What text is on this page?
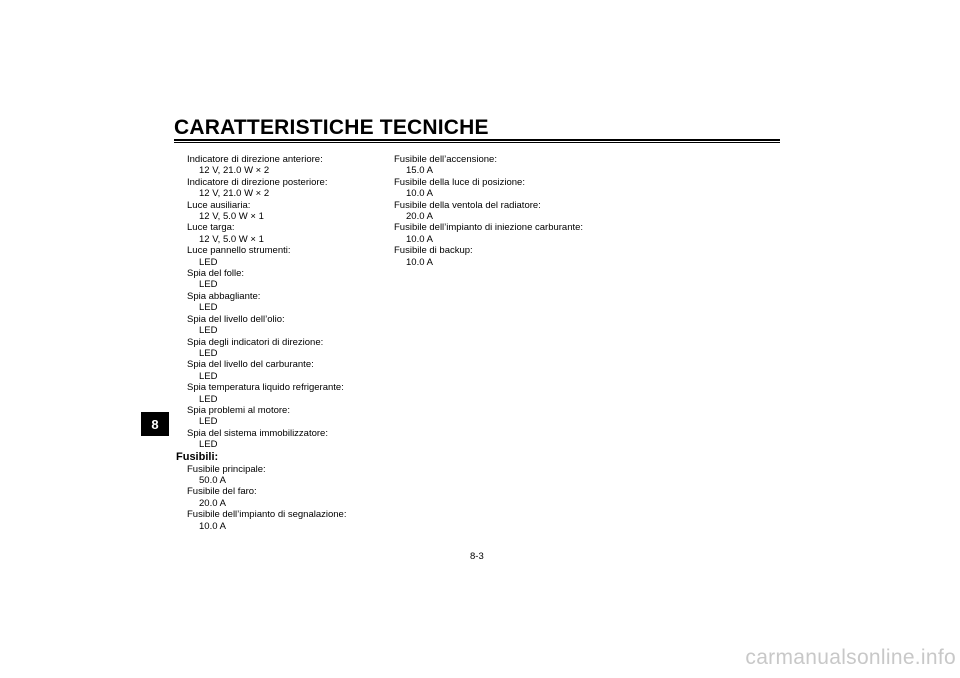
CARATTERISTICHE TECNICHE
8
Indicatore di direzione anteriore:
12 V, 21.0 W × 2
Indicatore di direzione posteriore:
12 V, 21.0 W × 2
Luce ausiliaria:
12 V, 5.0 W × 1
Luce targa:
12 V, 5.0 W × 1
Luce pannello strumenti:
LED
Spia del folle:
LED
Spia abbagliante:
LED
Spia del livello dell’olio:
LED
Spia degli indicatori di direzione:
LED
Spia del livello del carburante:
LED
Spia temperatura liquido refrigerante:
LED
Spia problemi al motore:
LED
Spia del sistema immobilizzatore:
LED

Fusibili:

Fusibile principale:
50.0 A
Fusibile del faro:
20.0 A
Fusibile dell’impianto di segnalazione:
10.0 A
Fusibile dell’accensione:
15.0 A
Fusibile della luce di posizione:
10.0 A
Fusibile della ventola del radiatore:
20.0 A
Fusibile dell’impianto di iniezione carburante:
10.0 A
Fusibile di backup:
10.0 A
8-3
carmanualsonline.info
